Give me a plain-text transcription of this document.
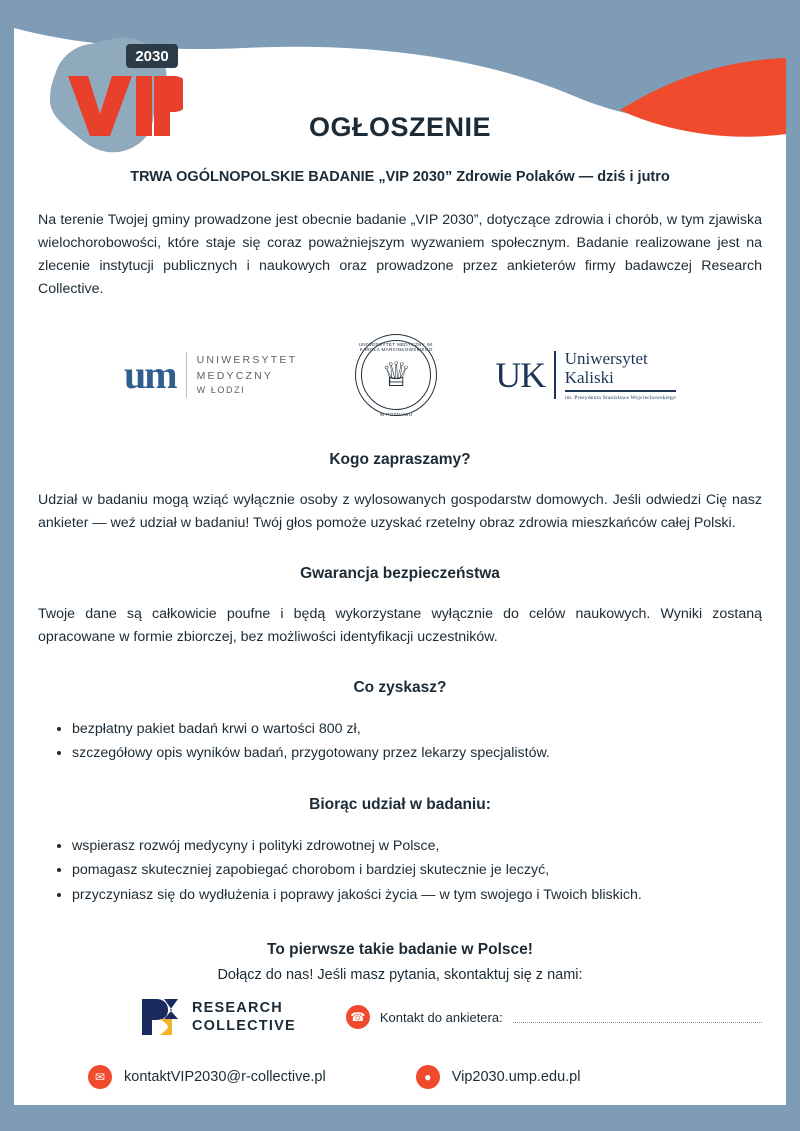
2030
OGŁOSZENIE
TRWA OGÓLNOPOLSKIE BADANIE „VIP 2030” Zdrowie Polaków — dziś i jutro

Na terenie Twojej gminy prowadzone jest obecnie badanie „VIP 2030”, dotyczące zdrowia i chorób, w tym zjawiska wielochorobowości, które staje się coraz poważniejszym wyzwaniem społecznym. Badanie realizowane jest na zlecenie instytucji publicznych i naukowych oraz prowadzone przez ankieterów firmy badawczej Research Collective.

um UNIWERSYTET
MEDYCZNY
W ŁODZI
UNIWERSYTET MEDYCZNY IM. KAROLA MARCINKOWSKIEGO
♕
W POZNANIU
UK Uniwersytet
Kaliski
im. Prezydenta Stanisława Wojciechowskiego
Kogo zapraszamy?

Udział w badaniu mogą wziąć wyłącznie osoby z wylosowanych gospodarstw domowych. Jeśli odwiedzi Cię nasz ankieter — weź udział w badaniu! Twój głos pomoże uzyskać rzetelny obraz zdrowia mieszkańców całej Polski.

Gwarancja bezpieczeństwa

Twoje dane są całkowicie poufne i będą wykorzystane wyłącznie do celów naukowych. Wyniki zostaną opracowane w formie zbiorczej, bez możliwości identyfikacji uczestników.

Co zyskasz?
• bezpłatny pakiet badań krwi o wartości 800 zł,
• szczegółowy opis wyników badań, przygotowany przez lekarzy specjalistów.
Biorąc udział w badaniu:
• wspierasz rozwój medycyny i polityki zdrowotnej w Polsce,
• pomagasz skuteczniej zapobiegać chorobom i bardziej skutecznie je leczyć,
• przyczyniasz się do wydłużenia i poprawy jakości życia — w tym swojego i Twoich bliskich.
To pierwsze takie badanie w Polsce!

Dołącz do nas! Jeśli masz pytania, skontaktuj się z nami:

RESEARCH
COLLECTIVE
☎	Kontakt do ankietera:
✉	kontaktVIP2030@r-collective.pl	●	Vip2030.ump.edu.pl
